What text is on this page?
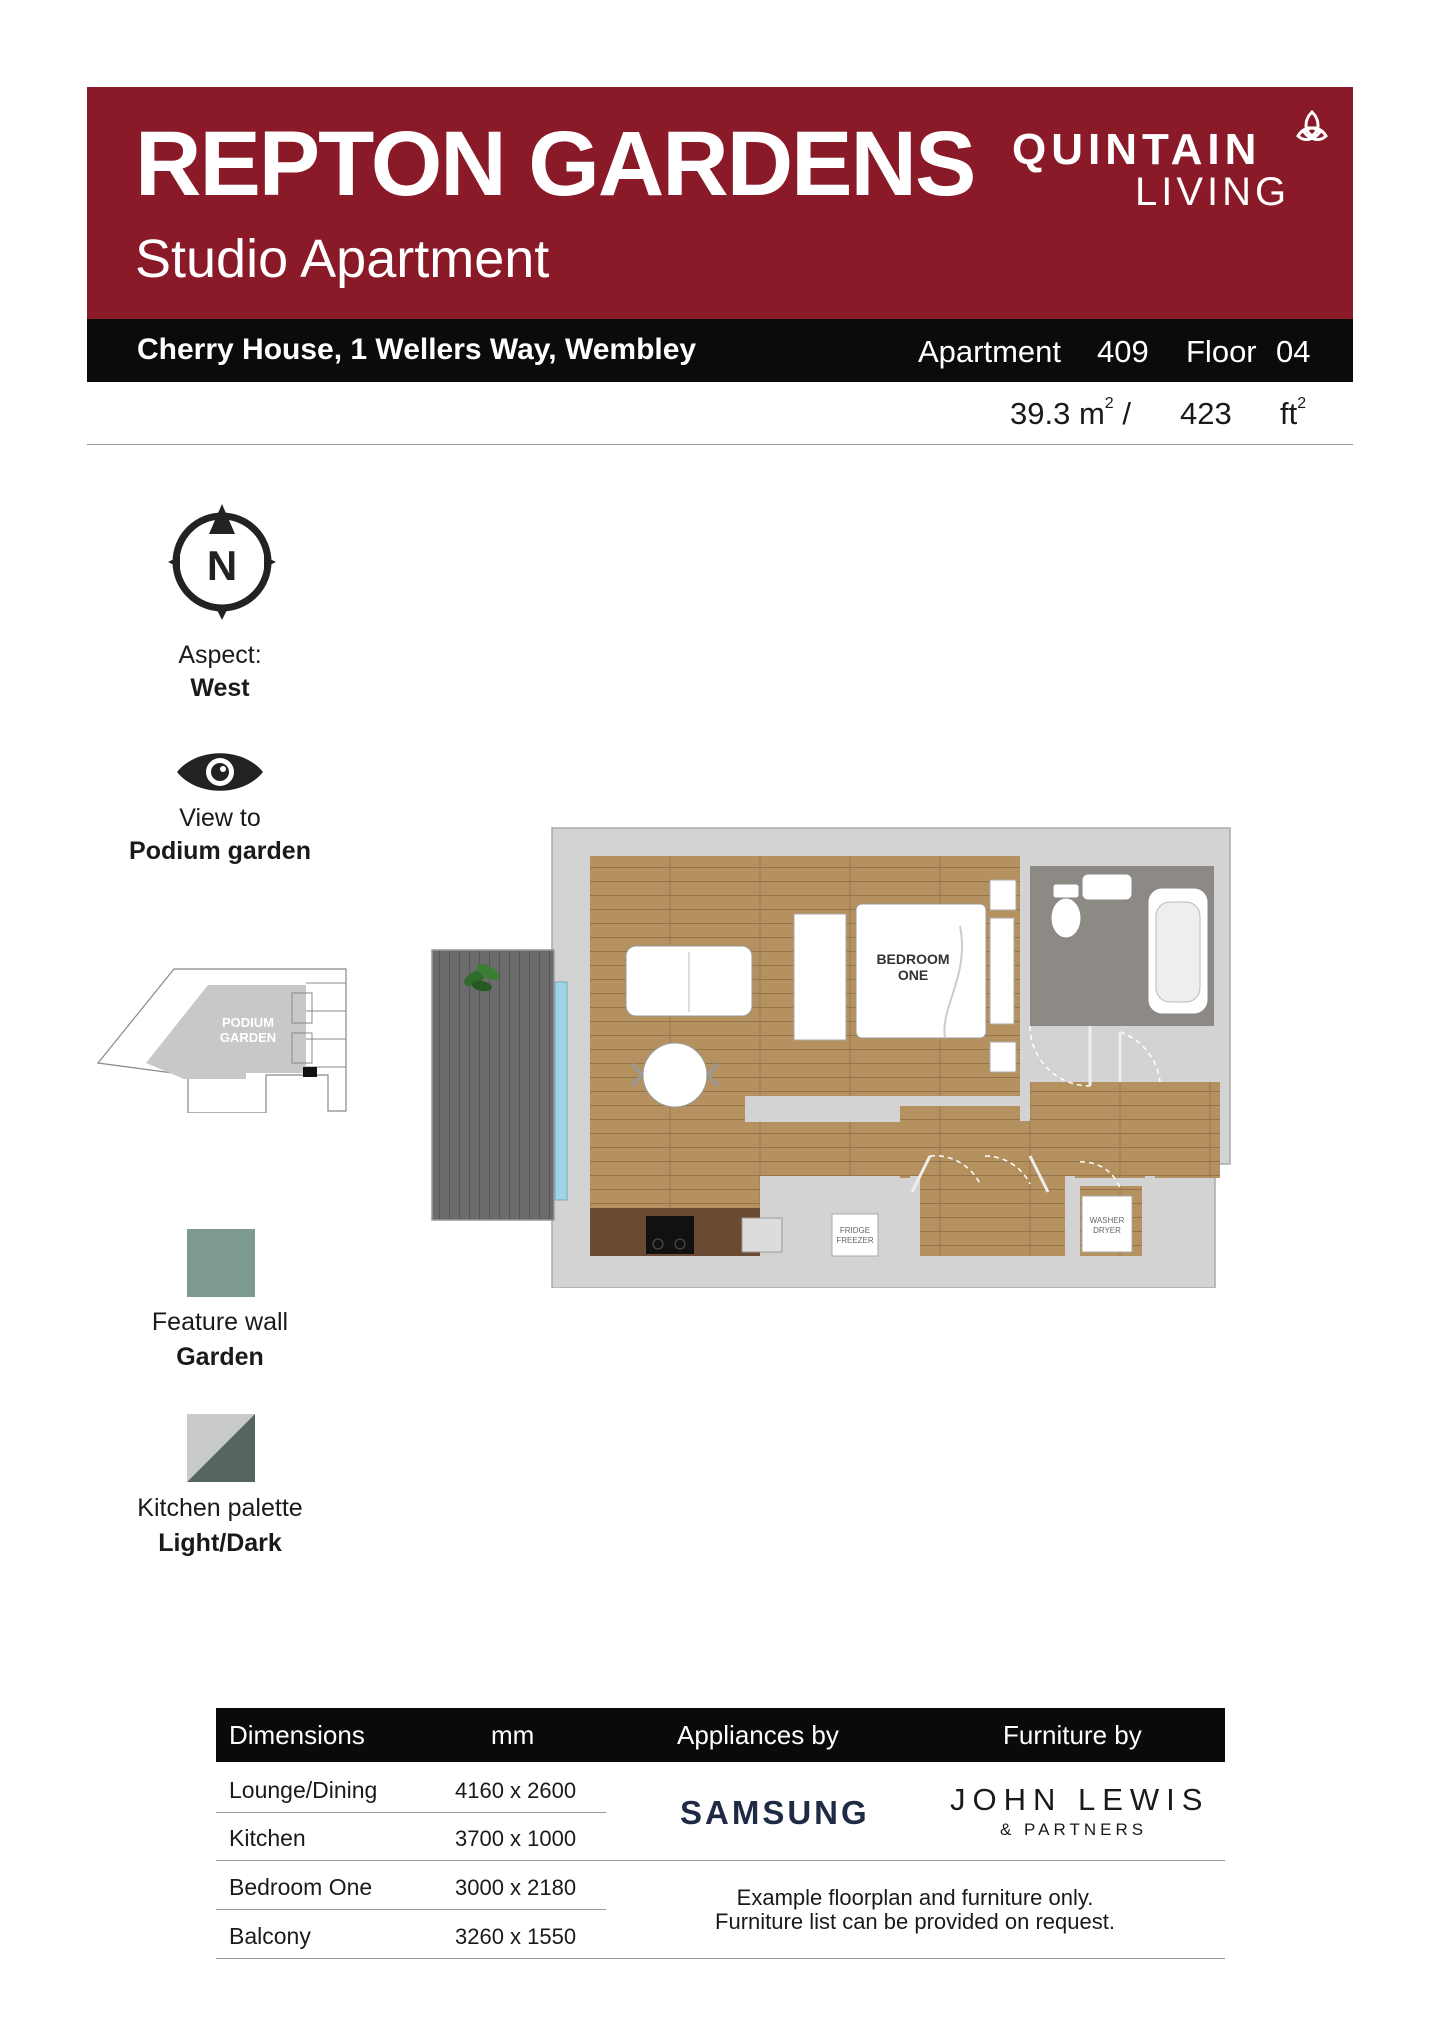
REPTON GARDENS
Studio Apartment
QUINTAIN
LIVING
Cherry House, 1 Wellers Way, Wembley	Apartment 409 Floor 04
39.3 $m^2 / 423$ $ft^2$
N
Aspect:
West
View to
Podium garden
PODIUM
GARDEN
Feature wall
Garden
Kitchen palette
Light/Dark
BEDROOM
ONE
FRIDGE
FREEZER
WASHER
DRYER
Dimensions	mm	Appliances by	Furniture by
Lounge/Dining	4160 x 2600
Kitchen	3700 x 1000
Bedroom One	3000 x 2180
Balcony	3260 x 1550
SAMSUNG	JOHN LEWIS
& PARTNERS
Example floorplan and furniture only.
Furniture list can be provided on request.
